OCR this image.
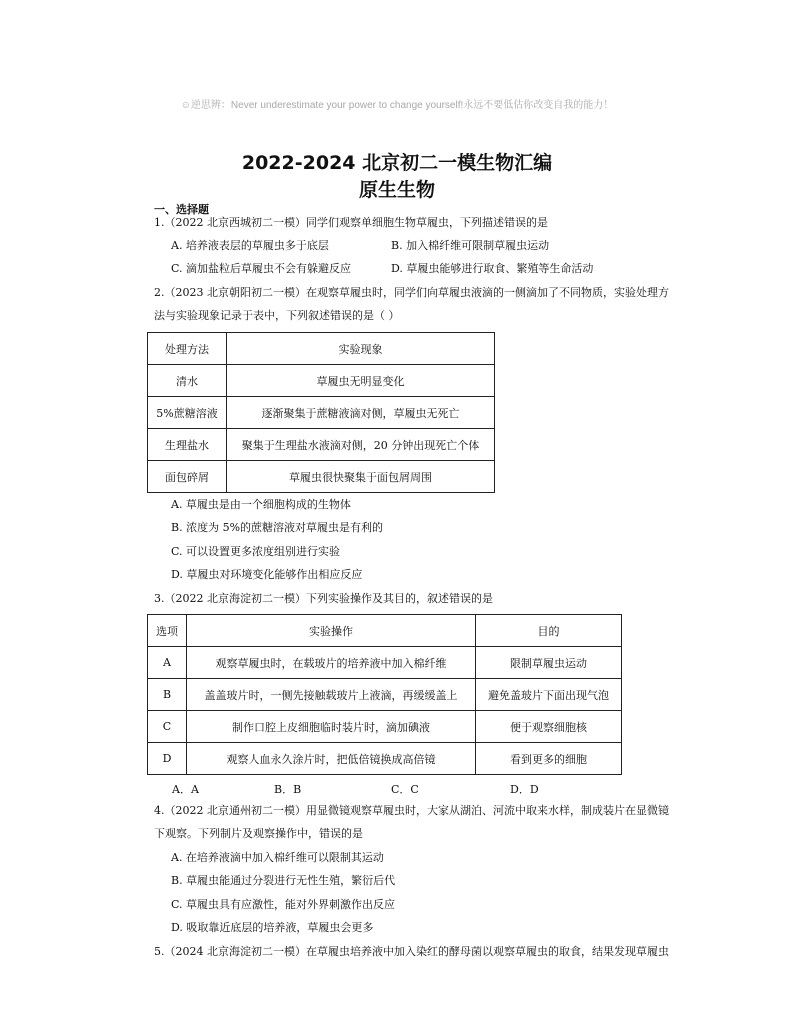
☺逆思辨：Never underestimate your power to change yourself!永远不要低估你改变自我的能力！
2022-2024 北京初二一模生物汇编
原生生物
一、选择题
1.（2022 北京西城初二一模）同学们观察单细胞生物草履虫，下列描述错误的是
A. 培养液表层的草履虫多于底层	B. 加入棉纤维可限制草履虫运动
C. 滴加盐粒后草履虫不会有躲避反应	D. 草履虫能够进行取食、繁殖等生命活动
2.（2023 北京朝阳初二一模）在观察草履虫时，同学们向草履虫液滴的一侧滴加了不同物质，实验处理方
法与实验现象记录于表中，下列叙述错误的是（ ）
处理方法	实验现象
清水	草履虫无明显变化
5%蔗糖溶液	逐渐聚集于蔗糖液滴对侧，草履虫无死亡
生理盐水	聚集于生理盐水液滴对侧，20 分钟出现死亡个体
面包碎屑	草履虫很快聚集于面包屑周围
A. 草履虫是由一个细胞构成的生物体
B. 浓度为 5%的蔗糖溶液对草履虫是有利的
C. 可以设置更多浓度组别进行实验
D. 草履虫对环境变化能够作出相应反应
3.（2022 北京海淀初二一模）下列实验操作及其目的，叙述错误的是
选项	实验操作	目的
A	观察草履虫时，在载玻片的培养液中加入棉纤维	限制草履虫运动
B	盖盖玻片时，一侧先接触载玻片上液滴，再缓缓盖上	避免盖玻片下面出现气泡
C	制作口腔上皮细胞临时装片时，滴加碘液	便于观察细胞核
D	观察人血永久涂片时，把低倍镜换成高倍镜	看到更多的细胞
A．A	B．B	C．C	D．D
4.（2022 北京通州初二一模）用显微镜观察草履虫时，大家从湖泊、河流中取来水样，制成装片在显微镜
下观察。下列制片及观察操作中，错误的是
A. 在培养液滴中加入棉纤维可以限制其运动
B. 草履虫能通过分裂进行无性生殖，繁衍后代
C. 草履虫具有应激性，能对外界刺激作出反应
D. 吸取靠近底层的培养液，草履虫会更多
5.（2024 北京海淀初二一模）在草履虫培养液中加入染红的酵母菌以观察草履虫的取食，结果发现草履虫
